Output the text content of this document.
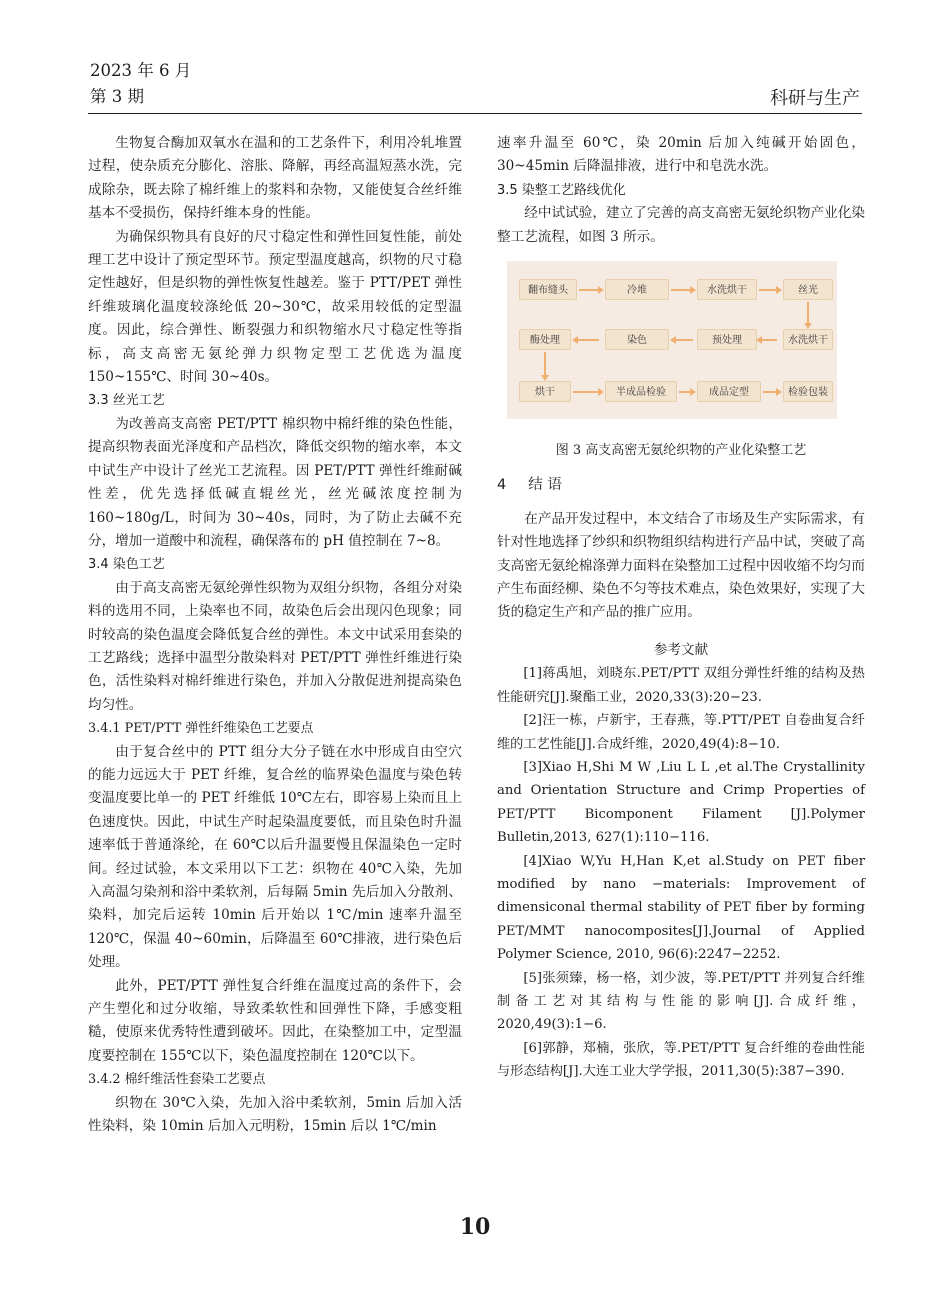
2023 年 6 月
第 3 期	科研与生产

生物复合酶加双氧水在温和的工艺条件下，利用冷轧堆置过程，使杂质充分膨化、溶胀、降解，再经高温短蒸水洗，完成除杂，既去除了棉纤维上的浆料和杂物，又能使复合丝纤维基本不受损伤，保持纤维本身的性能。

为确保织物具有良好的尺寸稳定性和弹性回复性能，前处理工艺中设计了预定型环节。预定型温度越高，织物的尺寸稳定性越好，但是织物的弹性恢复性越差。鉴于 PTT/PET 弹性纤维玻璃化温度较涤纶低 20~30℃，故采用较低的定型温度。因此，综合弹性、断裂强力和织物缩水尺寸稳定性等指标，高支高密无氨纶弹力织物定型工艺优选为温度 150~155℃、时间 30~40s。

3.3 丝光工艺

为改善高支高密 PET/PTT 棉织物中棉纤维的染色性能，提高织物表面光泽度和产品档次，降低交织物的缩水率，本文中试生产中设计了丝光工艺流程。因 PET/PTT 弹性纤维耐碱性差，优先选择低碱直辊丝光，丝光碱浓度控制为 160~180g/L，时间为 30~40s，同时，为了防止去碱不充分，增加一道酸中和流程，确保落布的 pH 值控制在 7~8。

3.4 染色工艺

由于高支高密无氨纶弹性织物为双组分织物，各组分对染料的选用不同，上染率也不同，故染色后会出现闪色现象；同时较高的染色温度会降低复合丝的弹性。本文中试采用套染的工艺路线；选择中温型分散染料对 PET/PTT 弹性纤维进行染色，活性染料对棉纤维进行染色，并加入分散促进剂提高染色均匀性。

3.4.1 PET/PTT 弹性纤维染色工艺要点

由于复合丝中的 PTT 组分大分子链在水中形成自由空穴的能力远远大于 PET 纤维，复合丝的临界染色温度与染色转变温度要比单一的 PET 纤维低 10℃左右，即容易上染而且上色速度快。因此，中试生产时起染温度要低，而且染色时升温速率低于普通涤纶，在 60℃以后升温要慢且保温染色一定时间。经过试验，本文采用以下工艺：织物在 40℃入染，先加入高温匀染剂和浴中柔软剂，后每隔 5min 先后加入分散剂、染料，加完后运转 10min 后开始以 1℃/min 速率升温至 120℃，保温 40~60min，后降温至 60℃排液，进行染色后处理。

此外，PET/PTT 弹性复合纤维在温度过高的条件下，会产生塑化和过分收缩，导致柔软性和回弹性下降，手感变粗糙，使原来优秀特性遭到破坏。因此，在染整加工中，定型温度要控制在 155℃以下，染色温度控制在 120℃以下。

3.4.2 棉纤维活性套染工艺要点

织物在 30℃入染，先加入浴中柔软剂，5min 后加入活性染料，染 10min 后加入元明粉，15min 后以 1℃/min

速率升温至 60℃，染 20min 后加入纯碱开始固色，30~45min 后降温排液，进行中和皂洗水洗。

3.5 染整工艺路线优化

经中试试验，建立了完善的高支高密无氨纶织物产业化染整工艺流程，如图 3 所示。

翻布缝头	冷堆	水洗烘干	丝光
酶处理	染色	预处理	水洗烘干
烘干	半成品检验	成品定型	检验包装
图 3 高支高密无氨纶织物的产业化染整工艺
4 结 语

在产品开发过程中，本文结合了市场及生产实际需求，有针对性地选择了纱织和织物组织结构进行产品中试，突破了高支高密无氨纶棉涤弹力面料在染整加工过程中因收缩不均匀而产生布面经柳、染色不匀等技术难点，染色效果好，实现了大货的稳定生产和产品的推广应用。

参考文献

[1]蒋禹旭，刘晓东.PET/PTT 双组分弹性纤维的结构及热性能研究[J].聚酯工业，2020,33(3):20−23.

[2]汪一栋，卢新宇，王春燕，等.PTT/PET 自卷曲复合纤维的工艺性能[J].合成纤维，2020,49(4):8−10.

[3]Xiao H,Shi M W ,Liu L L ,et al.The Crystallinity and Orientation Structure and Crimp Properties of PET/PTT Bicomponent Filament [J].Polymer Bulletin,2013, 627(1):110−116.

[4]Xiao W,Yu H,Han K,et al.Study on PET fiber modified by nano −materials: Improvement of dimensiconal thermal stability of PET fiber by forming PET/MMT nanocomposites[J].Journal of Applied Polymer Science, 2010, 96(6):2247−2252.

[5]张须臻，杨一格，刘少波，等.PET/PTT 并列复合纤维制备工艺对其结构与性能的影响[J].合成纤维，2020,49(3):1−6.

[6]郭静，郑楠，张欣，等.PET/PTT 复合纤维的卷曲性能与形态结构[J].大连工业大学学报，2011,30(5):387−390.

10
